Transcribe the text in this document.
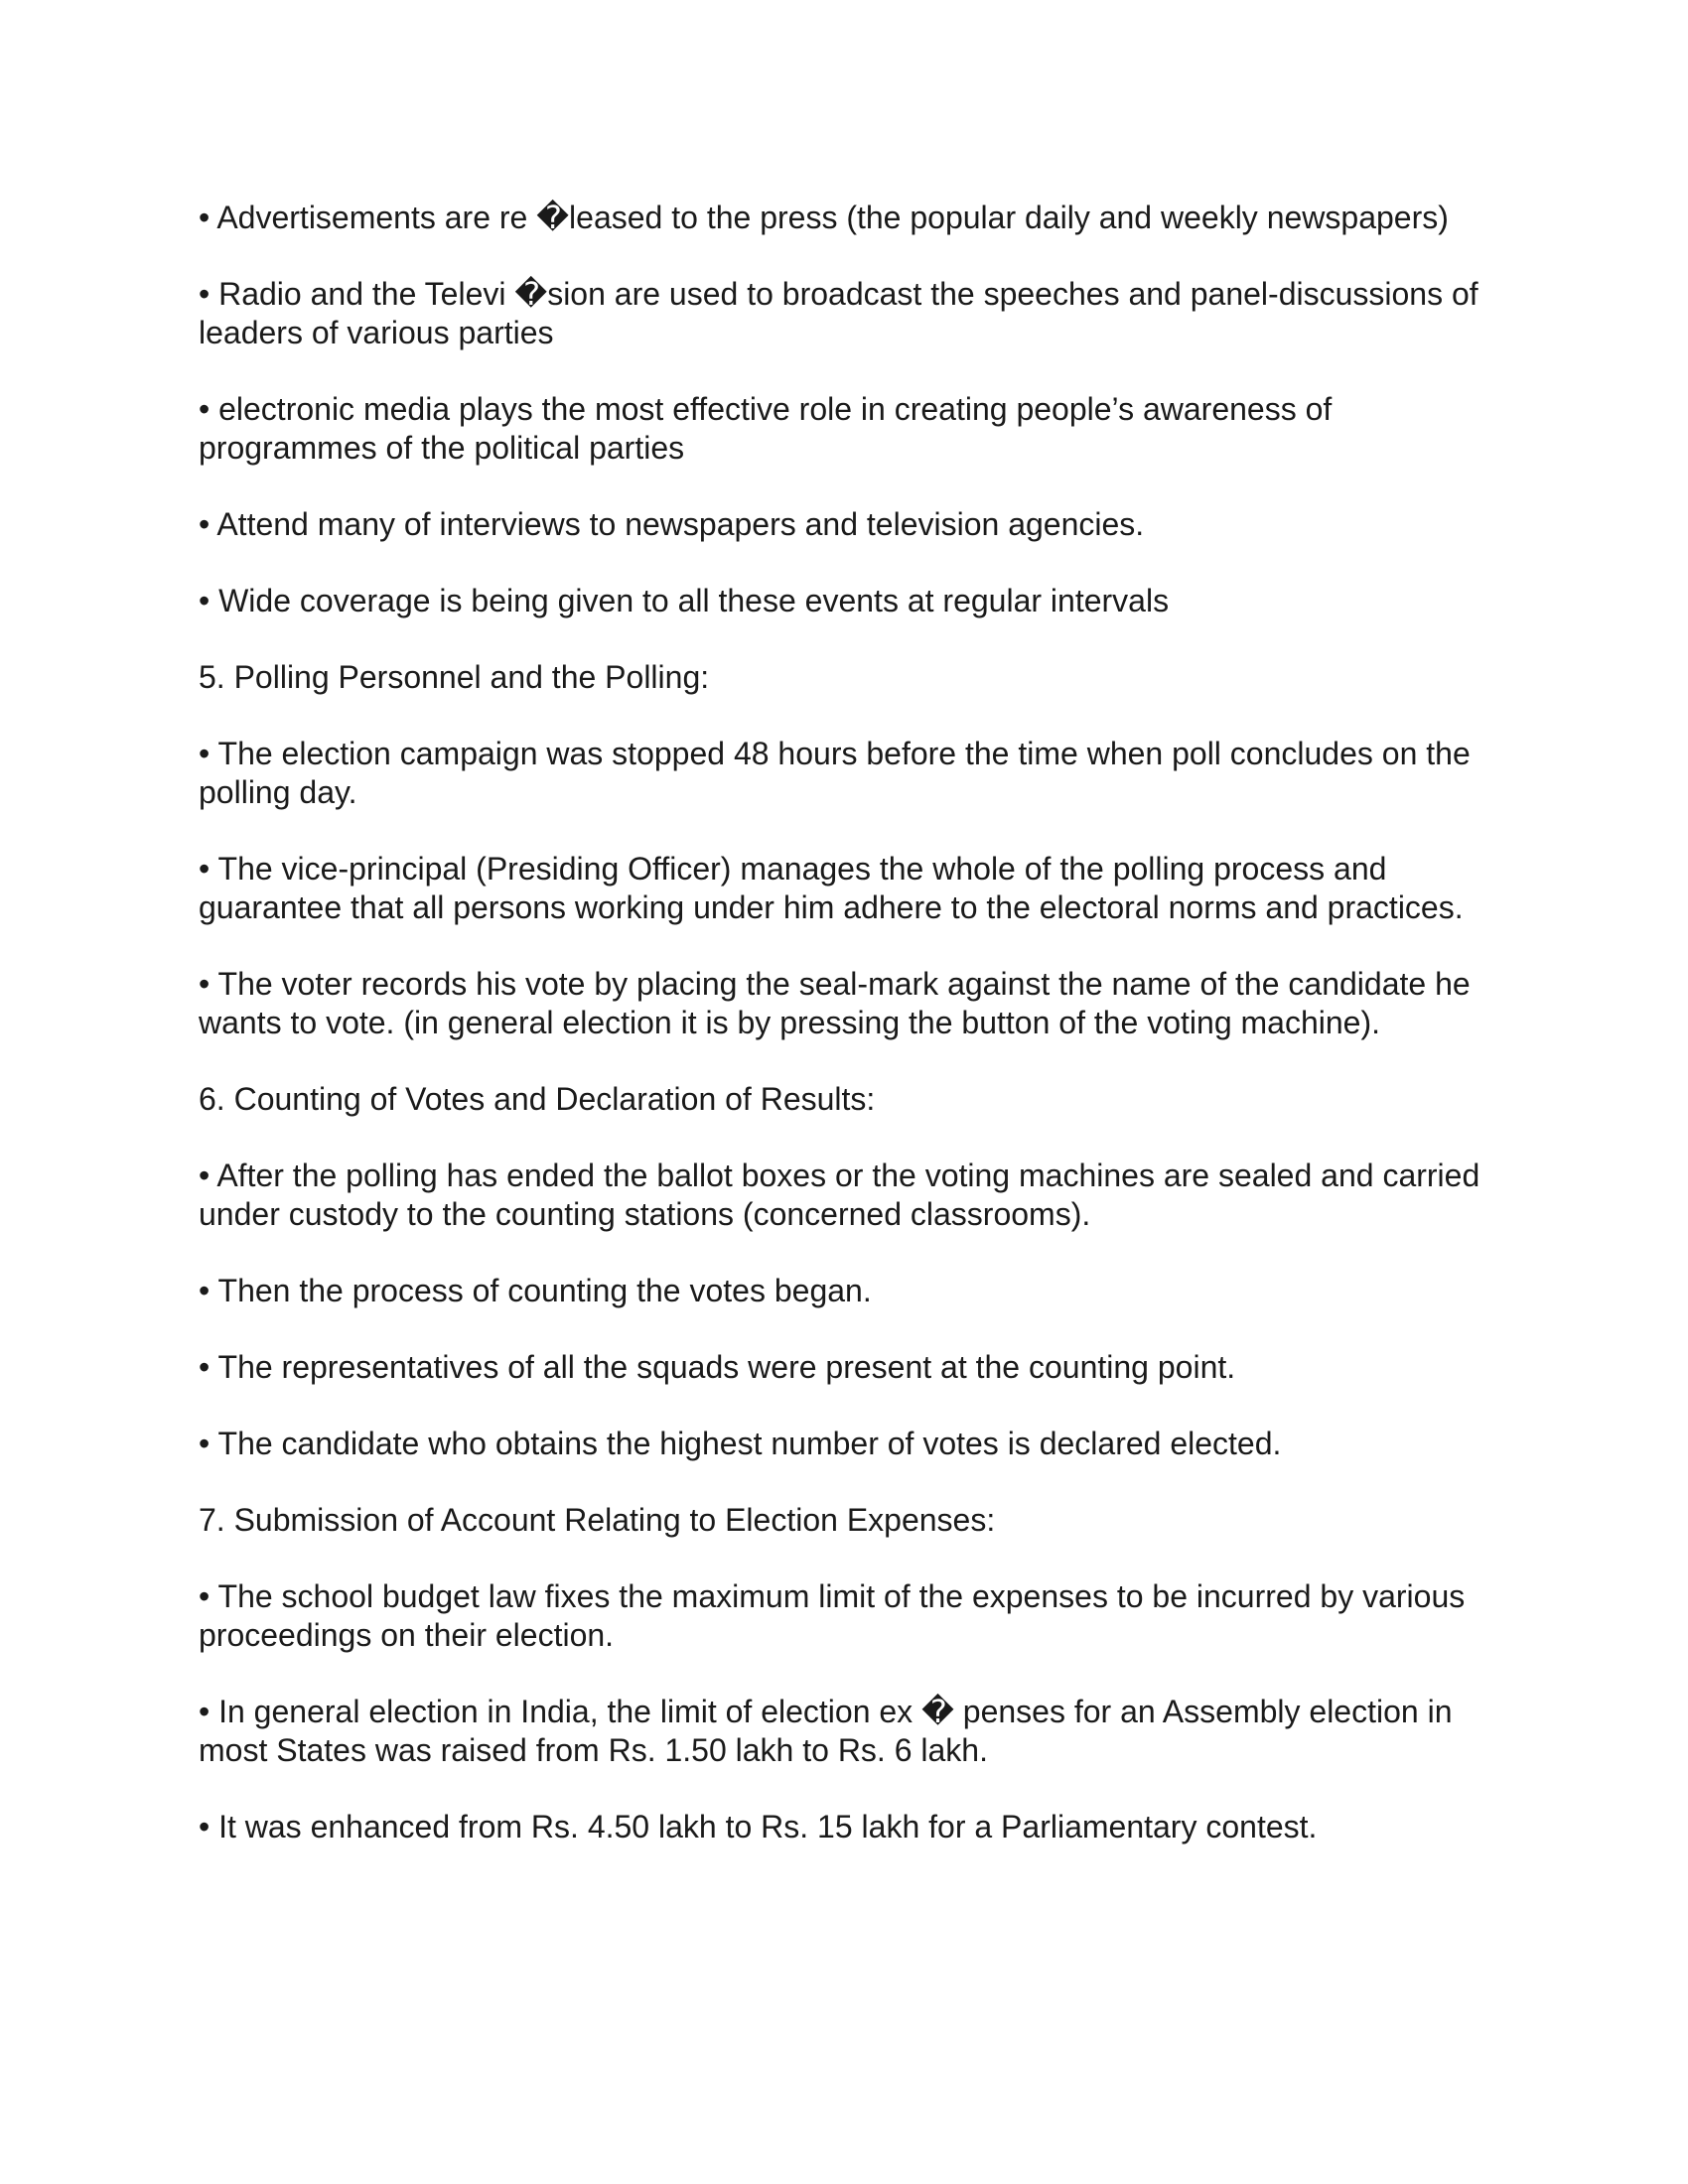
• Advertisements are re �leased to the press (the popular daily and weekly newspapers)

• Radio and the Televi �sion are used to broadcast the speeches and panel-discussions of leaders of various parties

• electronic media plays the most effective role in creating people’s awareness of programmes of the political parties

• Attend many of interviews to newspapers and television agencies.

• Wide coverage is being given to all these events at regular intervals

5. Polling Personnel and the Polling:

• The election campaign was stopped 48 hours before the time when poll concludes on the polling day.

• The vice-principal (Presiding Officer) manages the whole of the polling process and guarantee that all persons working under him adhere to the electoral norms and practices.

• The voter records his vote by placing the seal-mark against the name of the candidate he wants to vote. (in general election it is by pressing the button of the voting machine).

6. Counting of Votes and Declaration of Results:

• After the polling has ended the ballot boxes or the voting machines are sealed and carried under custody to the counting stations (concerned classrooms).

• Then the process of counting the votes began.

• The representatives of all the squads were present at the counting point.

• The candidate who obtains the highest number of votes is declared elected.

7. Submission of Account Relating to Election Expenses:

• The school budget law fixes the maximum limit of the expenses to be incurred by various proceedings on their election.

• In general election in India, the limit of election ex � penses for an Assembly election in most States was raised from Rs. 1.50 lakh to Rs. 6 lakh.

• It was enhanced from Rs. 4.50 lakh to Rs. 15 lakh for a Parliamentary contest.
